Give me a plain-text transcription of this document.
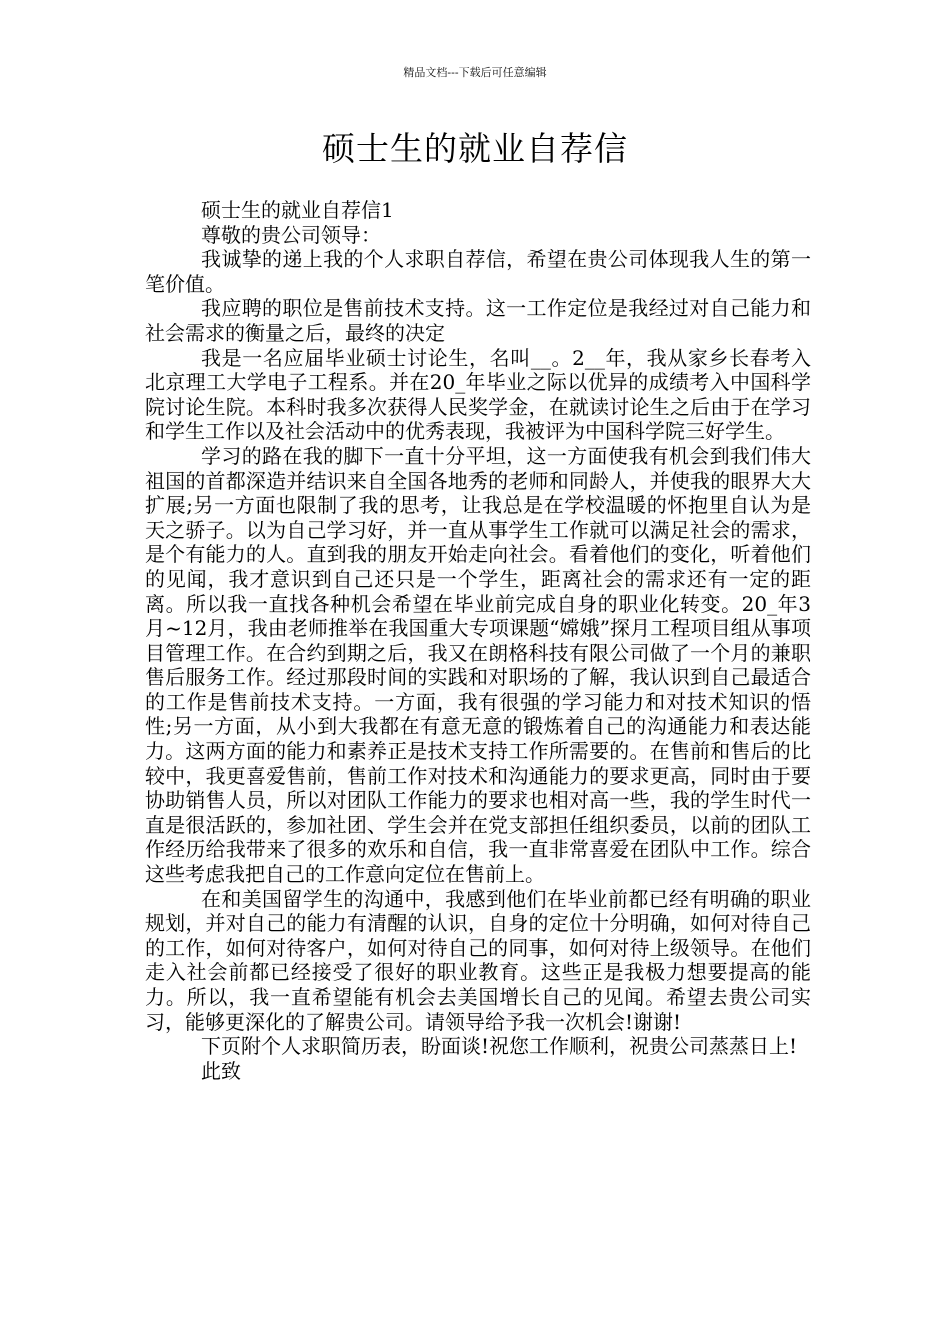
精品文档---下载后可任意编辑
硕士生的就业自荐信

硕士生的就业自荐信1

尊敬的贵公司领导：

我诚挚的递上我的个人求职自荐信，希望在贵公司体现我人生的第一笔价值。

我应聘的职位是售前技术支持。这一工作定位是我经过对自己能力和社会需求的衡量之后，最终的决定

我是一名应届毕业硕士讨论生，名叫__。2__年，我从家乡长春考入北京理工大学电子工程系。并在20_年毕业之际以优异的成绩考入中国科学院讨论生院。本科时我多次获得人民奖学金，在就读讨论生之后由于在学习和学生工作以及社会活动中的优秀表现，我被评为中国科学院三好学生。

学习的路在我的脚下一直十分平坦，这一方面使我有机会到我们伟大祖国的首都深造并结识来自全国各地秀的老师和同龄人，并使我的眼界大大扩展;另一方面也限制了我的思考，让我总是在学校温暖的怀抱里自认为是天之骄子。以为自己学习好，并一直从事学生工作就可以满足社会的需求，是个有能力的人。直到我的朋友开始走向社会。看着他们的变化，听着他们的见闻，我才意识到自己还只是一个学生，距离社会的需求还有一定的距离。所以我一直找各种机会希望在毕业前完成自身的职业化转变。20_年3月~12月，我由老师推举在我国重大专项课题“嫦娥”探月工程项目组从事项目管理工作。在合约到期之后，我又在朗格科技有限公司做了一个月的兼职售后服务工作。经过那段时间的实践和对职场的了解，我认识到自己最适合的工作是售前技术支持。一方面，我有很强的学习能力和对技术知识的悟性;另一方面，从小到大我都在有意无意的锻炼着自己的沟通能力和表达能力。这两方面的能力和素养正是技术支持工作所需要的。在售前和售后的比较中，我更喜爱售前，售前工作对技术和沟通能力的要求更高，同时由于要协助销售人员，所以对团队工作能力的要求也相对高一些，我的学生时代一直是很活跃的，参加社团、学生会并在党支部担任组织委员，以前的团队工作经历给我带来了很多的欢乐和自信，我一直非常喜爱在团队中工作。综合这些考虑我把自己的工作意向定位在售前上。

在和美国留学生的沟通中，我感到他们在毕业前都已经有明确的职业规划，并对自己的能力有清醒的认识，自身的定位十分明确，如何对待自己的工作，如何对待客户，如何对待自己的同事，如何对待上级领导。在他们走入社会前都已经接受了很好的职业教育。这些正是我极力想要提高的能力。所以，我一直希望能有机会去美国增长自己的见闻。希望去贵公司实习，能够更深化的了解贵公司。请领导给予我一次机会!谢谢!

下页附个人求职简历表，盼面谈!祝您工作顺利，祝贵公司蒸蒸日上!

此致
